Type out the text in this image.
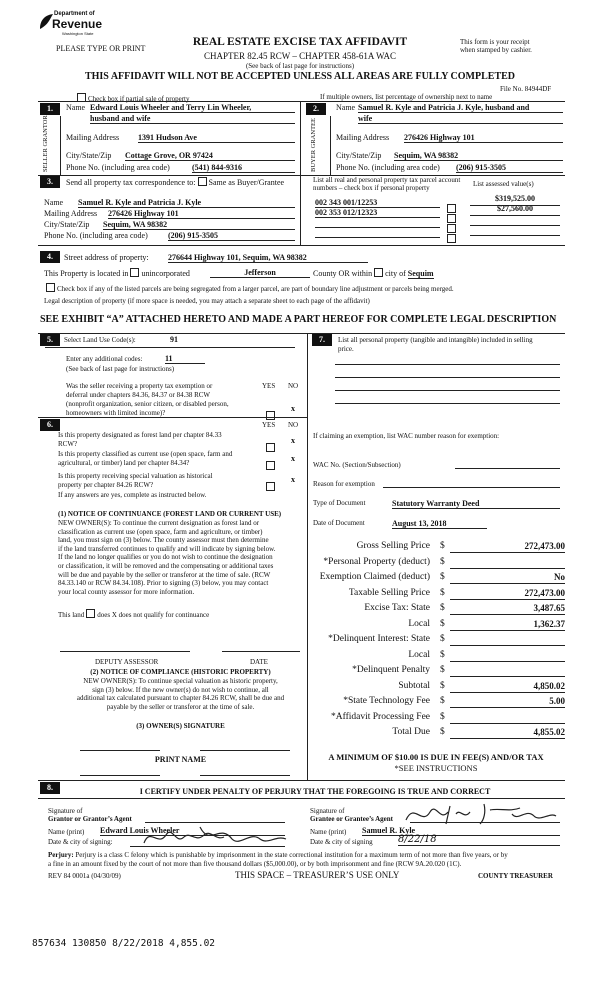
Department of
Revenue
Washington State
PLEASE TYPE OR PRINT
REAL ESTATE EXCISE TAX AFFIDAVIT
CHAPTER 82.45 RCW – CHAPTER 458-61A WAC
(See back of last page for instructions)
This form is your receipt
when stamped by cashier.
THIS AFFIDAVIT WILL NOT BE ACCEPTED UNLESS ALL AREAS ARE FULLY COMPLETED
File No. 84944DF
Check box if partial sale of property	If multiple owners, list percentage of ownership next to name
1.
SELLER GRANTOR
Name Edward Louis Wheeler and Terry Lin Wheeler,
husband and wife
Mailing Address 1391 Hudson Ave
City/State/Zip Cottage Grove, OR 97424
Phone No. (including area code)	(541) 844-9316
2.
BUYER GRANTEE
Name Samuel R. Kyle and Patricia J. Kyle, husband and
wife
Mailing Address 276426 Highway 101
City/State/Zip Sequim, WA 98382
Phone No. (including area code) (206) 915-3505
3.	Send all property tax correspondence to: Same as Buyer/Grantee
Name Samuel R. Kyle and Patricia J. Kyle
Mailing Address 276426 Highway 101
City/State/Zip Sequim, WA 98382
Phone No. (including area code)	(206) 915-3505
List all real and personal property tax parcel account
numbers – check box if personal property	List assessed value(s)
002 343 001/12253	$319,525.00
002 353 012/12323	$27,560.00
4.	Street address of property: 276644 Highway 101, Sequim, WA 98382
This Property is located in unincorporated	Jefferson	County OR within city of Sequim
Check box if any of the listed parcels are being segregated from a larger parcel, are part of boundary line adjustment or parcels being merged.
Legal description of property (if more space is needed, you may attach a separate sheet to each page of the affidavit)
SEE EXHIBIT “A” ATTACHED HERETO AND MADE A PART HEREOF FOR COMPLETE LEGAL DESCRIPTION
5.	Select Land Use Code(s):	91
Enter any additional codes:	11
(See back of last page for instructions)
Was the seller receiving a property tax exemption or
deferral under chapters 84.36, 84.37 or 84.38 RCW
(nonprofit organization, senior citizen, or disabled person,
homeowners with limited income)?
YES NO
x
6.	YES NO
Is this property designated as forest land per chapter 84.33
RCW?	x
Is this property classified as current use (open space, farm and
agricultural, or timber) land per chapter 84.34?	x
Is this property receiving special valuation as historical
property per chapter 84.26 RCW?
x
If any answers are yes, complete as instructed below.
(1) NOTICE OF CONTINUANCE (FOREST LAND OR CURRENT USE)
NEW OWNER(S): To continue the current designation as forest land or
classification as current use (open space, farm and agriculture, or timber)
land, you must sign on (3) below. The county assessor must then determine
if the land transferred continues to qualify and will indicate by signing below.
If the land no longer qualifies or you do not wish to continue the designation
or classification, it will be removed and the compensating or additional taxes
will be due and payable by the seller or transferor at the time of sale. (RCW
84.33.140 or RCW 84.34.108). Prior to signing (3) below, you may contact
your local county assessor for more information.
This land does X does not qualify for continuance
DEPUTY ASSESSOR	DATE
(2) NOTICE OF COMPLIANCE (HISTORIC PROPERTY)
NEW OWNER(S): To continue special valuation as historic property,
sign (3) below. If the new owner(s) do not wish to continue, all
additional tax calculated pursuant to chapter 84.26 RCW, shall be due and
payable by the seller or transferor at the time of sale.
(3) OWNER(S) SIGNATURE
PRINT NAME
7.	List all personal property (tangible and intangible) included in selling
price.
If claiming an exemption, list WAC number reason for exemption:
WAC No. (Section/Subsection)
Reason for exemption
Type of Document	Statutory Warranty Deed
Date of Document	August 13, 2018
Gross Selling Price $	272,473.00
*Personal Property (deduct) $
Exemption Claimed (deduct) $	No
Taxable Selling Price $	272,473.00
Excise Tax: State $	3,487.65
Local $	1,362.37
*Delinquent Interest: State $
Local $
*Delinquent Penalty $
Subtotal $	4,850.02
*State Technology Fee $	5.00
*Affidavit Processing Fee $
Total Due $	4,855.02
A MINIMUM OF $10.00 IS DUE IN FEE(S) AND/OR TAX
*SEE INSTRUCTIONS
8.	I CERTIFY UNDER PENALTY OF PERJURY THAT THE FOREGOING IS TRUE AND CORRECT
Signature of
Grantor or Grantor’s Agent
Name (print) Edward Louis Wheeler
Date & city of signing:
Signature of
Grantee or Grantee’s Agent
Name (print) Samuel R. Kyle
Date & city of signing	8/22/18
Perjury: Perjury is a class C felony which is punishable by imprisonment in the state correctional institution for a maximum term of not more than five years, or by
a fine in an amount fixed by the court of not more than five thousand dollars ($5,000.00), or by both imprisonment and fine (RCW 9A.20.020 (1C).
REV 84 0001a (04/30/09)	THIS SPACE – TREASURER’S USE ONLY	COUNTY TREASURER
857634 130850 8/22/2018 4,855.02
